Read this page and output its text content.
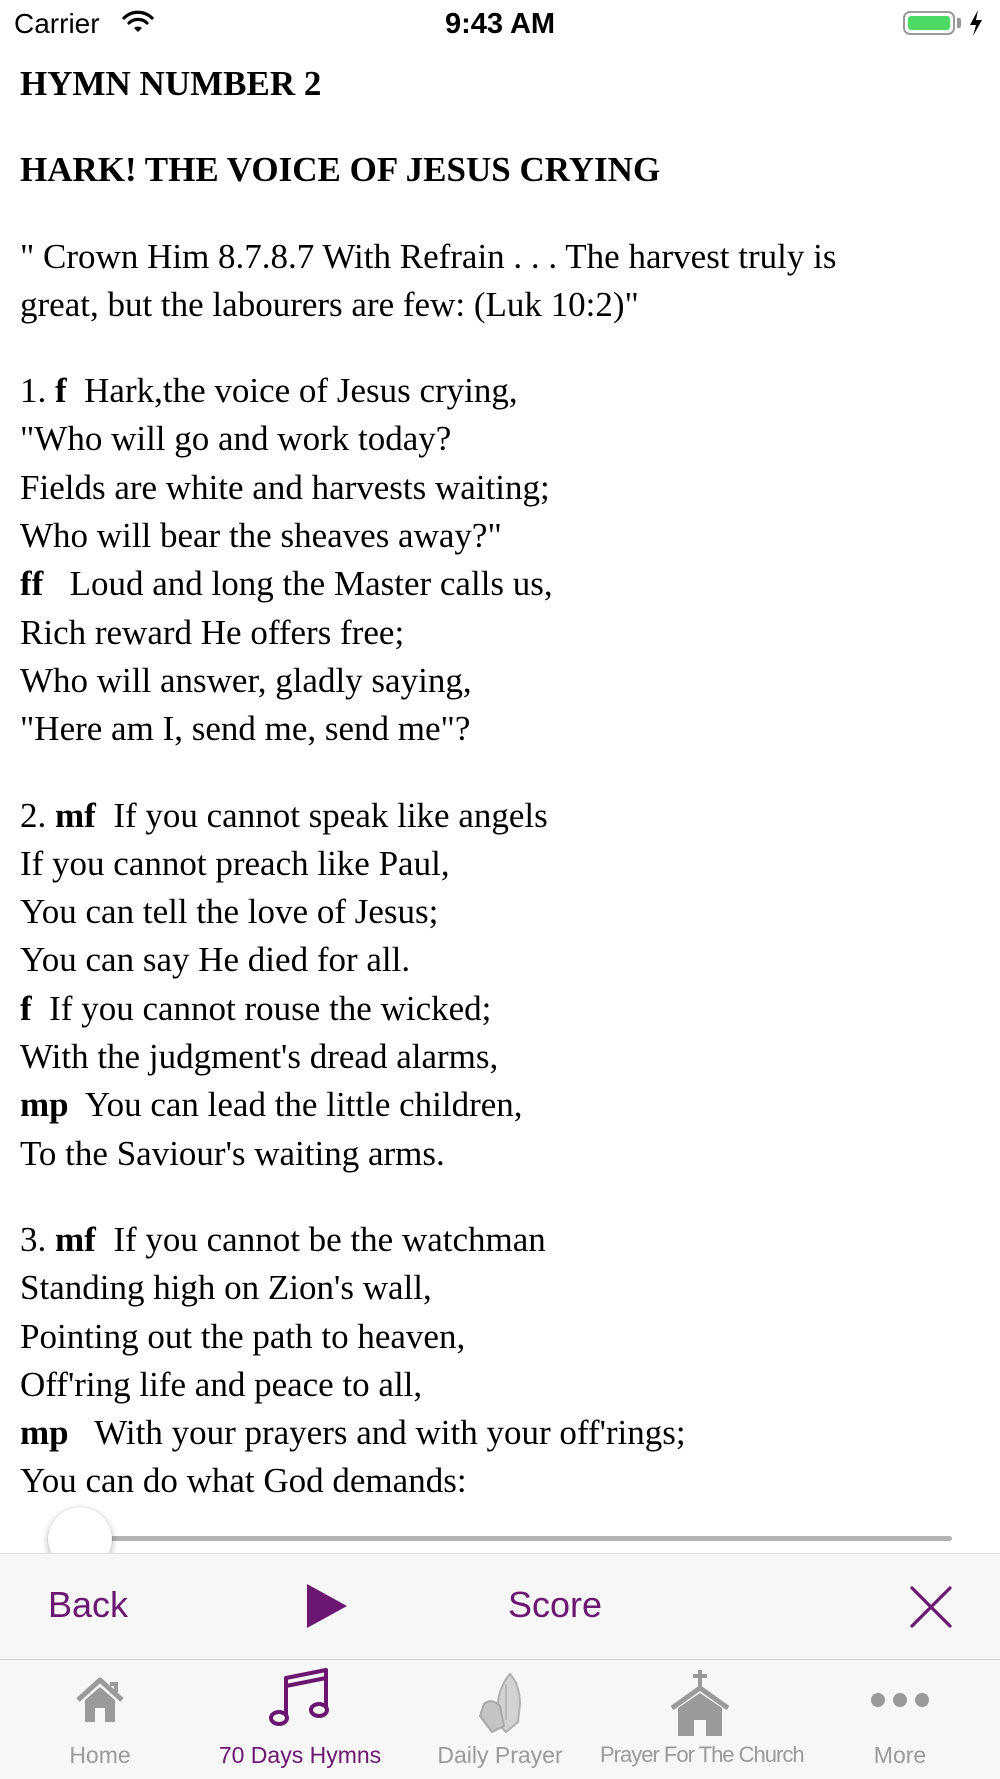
Carrier	9:43 AM
HYMN NUMBER 2
HARK! THE VOICE OF JESUS CRYING
" Crown Him 8.7.8.7 With Refrain . . . The harvest truly is
great, but the labourers are few: (Luk 10:2)"
1. f  Hark,the voice of Jesus crying,
"Who will go and work today?
Fields are white and harvests waiting;
Who will bear the sheaves away?"
ff   Loud and long the Master calls us,
Rich reward He offers free;
Who will answer, gladly saying,
"Here am I, send me, send me"?
2. mf  If you cannot speak like angels
If you cannot preach like Paul,
You can tell the love of Jesus;
You can say He died for all.
f  If you cannot rouse the wicked;
With the judgment's dread alarms,
mp  You can lead the little children,
To the Saviour's waiting arms.
3. mf  If you cannot be the watchman
Standing high on Zion's wall,
Pointing out the path to heaven,
Off'ring life and peace to all,
mp   With your prayers and with your off'rings;
You can do what God demands:
Back	Score
Home	70 Days Hymns	Daily Prayer	Prayer For The Church	More
